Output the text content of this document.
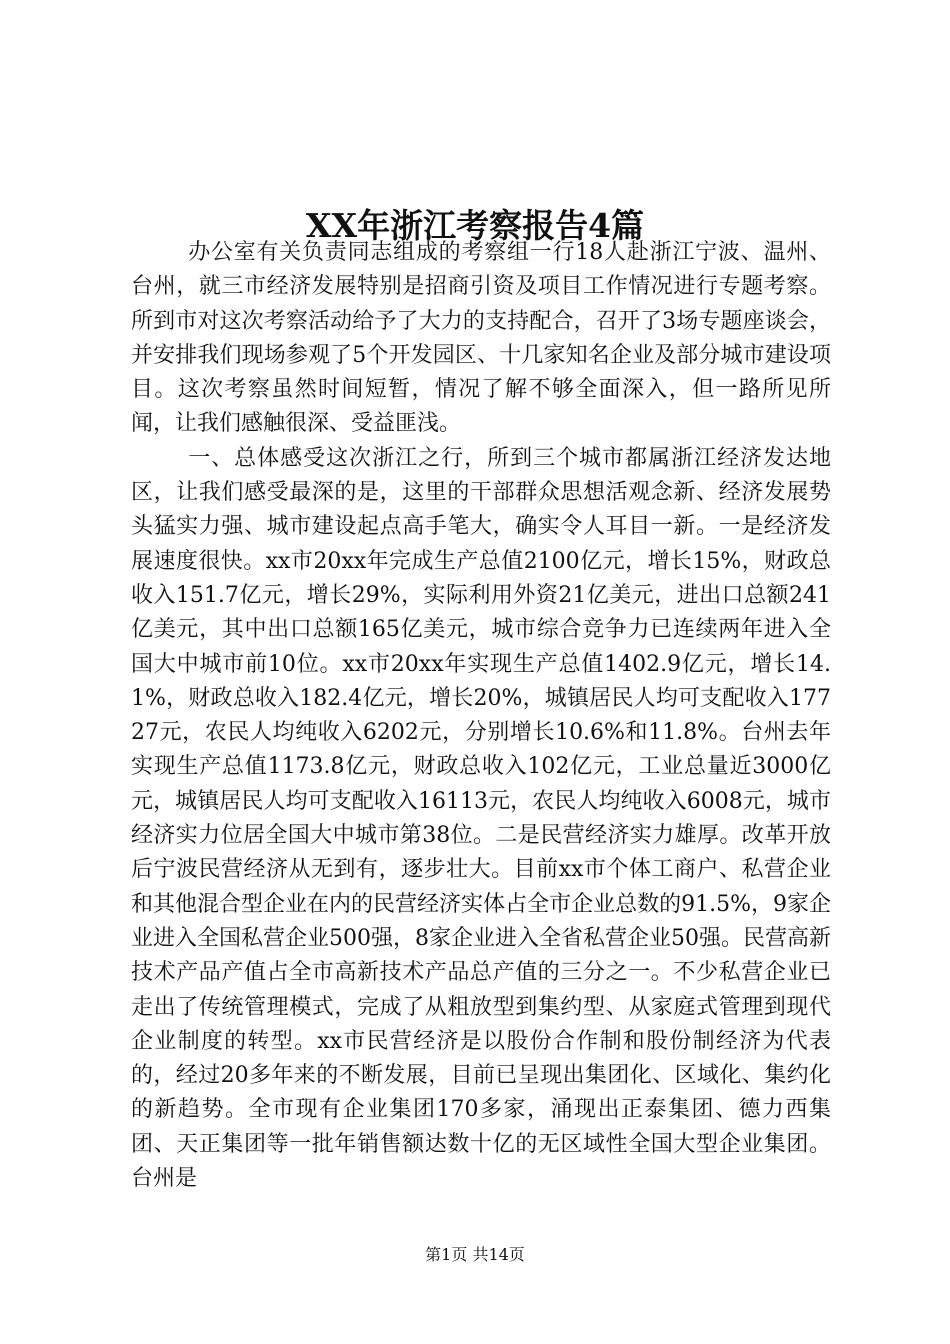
XX年浙江考察报告4篇

办公室有关负责同志组成的考察组一行18人赴浙江宁波、温州、台州，就三市经济发展特别是招商引资及项目工作情况进行专题考察。所到市对这次考察活动给予了大力的支持配合，召开了3场专题座谈会，并安排我们现场参观了5个开发园区、十几家知名企业及部分城市建设项目。这次考察虽然时间短暂，情况了解不够全面深入，但一路所见所闻，让我们感触很深、受益匪浅。

一、总体感受这次浙江之行，所到三个城市都属浙江经济发达地区，让我们感受最深的是，这里的干部群众思想活观念新、经济发展势头猛实力强、城市建设起点高手笔大，确实令人耳目一新。一是经济发展速度很快。xx市20xx年完成生产总值2100亿元，增长15%，财政总收入151.7亿元，增长29%，实际利用外资21亿美元，进出口总额241亿美元，其中出口总额165亿美元，城市综合竞争力已连续两年进入全国大中城市前10位。xx市20xx年实现生产总值1402.9亿元，增长14.1%，财政总收入182.4亿元，增长20%，城镇居民人均可支配收入17727元，农民人均纯收入6202元，分别增长10.6%和11.8%。台州去年实现生产总值1173.8亿元，财政总收入102亿元，工业总量近3000亿元，城镇居民人均可支配收入16113元，农民人均纯收入6008元，城市经济实力位居全国大中城市第38位。二是民营经济实力雄厚。改革开放后宁波民营经济从无到有，逐步壮大。目前xx市个体工商户、私营企业和其他混合型企业在内的民营经济实体占全市企业总数的91.5%，9家企业进入全国私营企业500强，8家企业进入全省私营企业50强。民营高新技术产品产值占全市高新技术产品总产值的三分之一。不少私营企业已走出了传统管理模式，完成了从粗放型到集约型、从家庭式管理到现代企业制度的转型。xx市民营经济是以股份合作制和股份制经济为代表的，经过20多年来的不断发展，目前已呈现出集团化、区域化、集约化的新趋势。全市现有企业集团170多家，涌现出正泰集团、德力西集团、天正集团等一批年销售额达数十亿的无区域性全国大型企业集团。台州是

第1页 共14页
